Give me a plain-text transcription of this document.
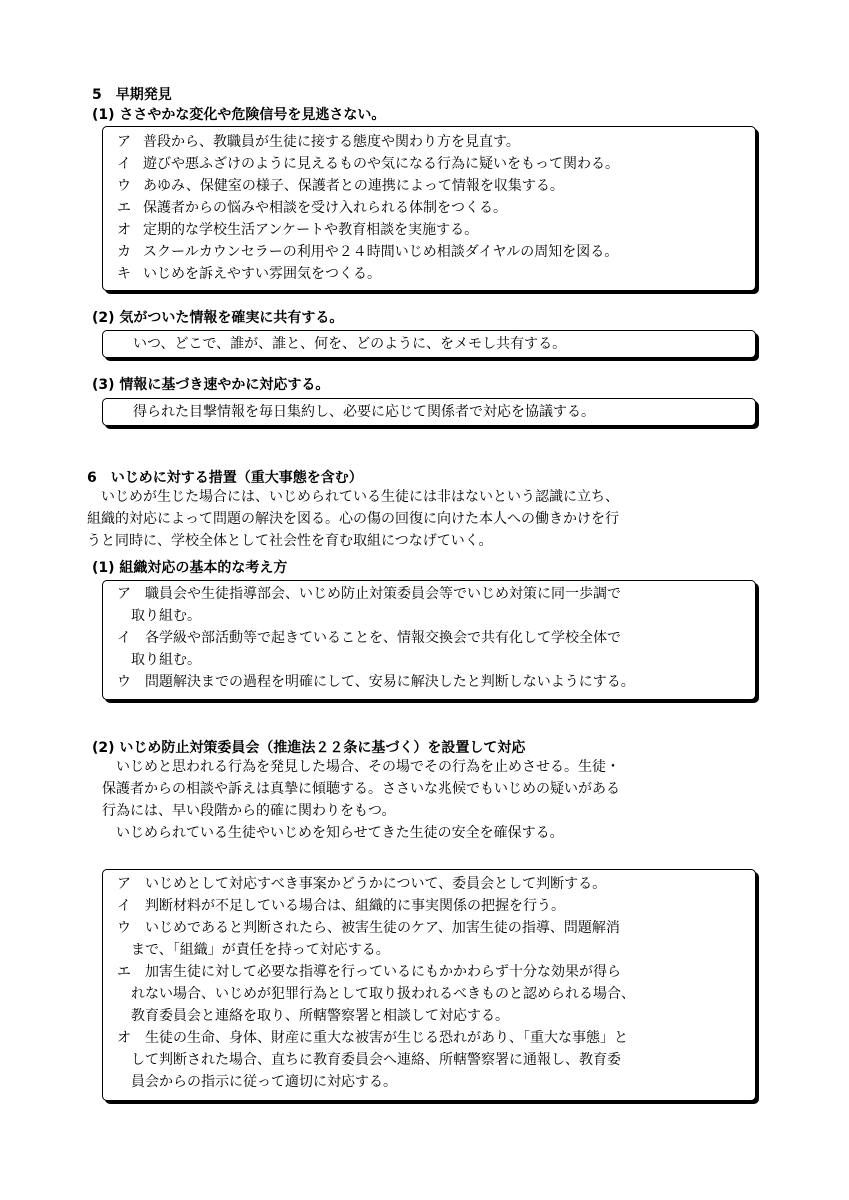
5　早期発見
(1) ささやかな変化や危険信号を見逃さない。
ア 普段から、教職員が生徒に接する態度や関わり方を見直す。
イ 遊びや悪ふざけのように見えるものや気になる行為に疑いをもって関わる。
ウ あゆみ、保健室の様子、保護者との連携によって情報を収集する。
エ 保護者からの悩みや相談を受け入れられる体制をつくる。
オ 定期的な学校生活アンケートや教育相談を実施する。
カ スクールカウンセラーの利用や２４時間いじめ相談ダイヤルの周知を図る。
キ いじめを訴えやすい雰囲気をつくる。
(2) 気がついた情報を確実に共有する。
いつ、どこで、誰が、誰と、何を、どのように、をメモし共有する。
(3) 情報に基づき速やかに対応する。
得られた目撃情報を毎日集約し、必要に応じて関係者で対応を協議する。
6　いじめに対する措置（重大事態を含む）
　いじめが生じた場合には、いじめられている生徒には非はないという認識に立ち、
組織的対応によって問題の解決を図る。心の傷の回復に向けた本人への働きかけを行
うと同時に、学校全体として社会性を育む取組につなげていく。
(1) 組織対応の基本的な考え方
ア　職員会や生徒指導部会、いじめ防止対策委員会等でいじめ対策に同一歩調で
　取り組む。
イ　各学級や部活動等で起きていることを、情報交換会で共有化して学校全体で
　取り組む。
ウ　問題解決までの過程を明確にして、安易に解決したと判断しないようにする。
(2) いじめ防止対策委員会（推進法２２条に基づく）を設置して対応
　いじめと思われる行為を発見した場合、その場でその行為を止めさせる。生徒・
保護者からの相談や訴えは真摯に傾聴する。ささいな兆候でもいじめの疑いがある
行為には、早い段階から的確に関わりをもつ。
　いじめられている生徒やいじめを知らせてきた生徒の安全を確保する。
ア　いじめとして対応すべき事案かどうかについて、委員会として判断する。
イ　判断材料が不足している場合は、組織的に事実関係の把握を行う。
ウ　いじめであると判断されたら、被害生徒のケア、加害生徒の指導、問題解消
　まで、「組織」が責任を持って対応する。
エ　加害生徒に対して必要な指導を行っているにもかかわらず十分な効果が得ら
　れない場合、いじめが犯罪行為として取り扱われるべきものと認められる場合、
　教育委員会と連絡を取り、所轄警察署と相談して対応する。
オ　生徒の生命、身体、財産に重大な被害が生じる恐れがあり、「重大な事態」と
　して判断された場合、直ちに教育委員会へ連絡、所轄警察署に通報し、教育委
　員会からの指示に従って適切に対応する。
